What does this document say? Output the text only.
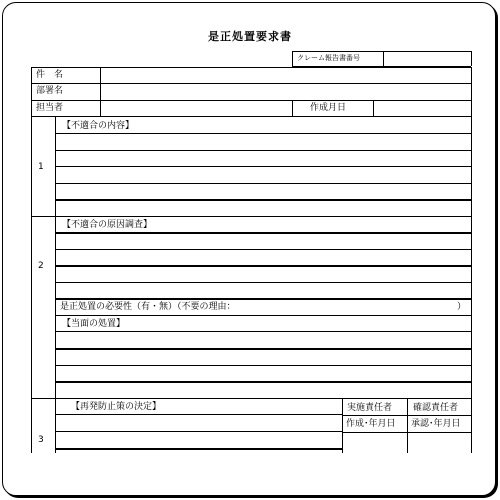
是正処置要求書
クレーム報告書番号
件　名
部署名
担当者	作成月日
【不適合の内容】
1
【不適合の原因調査】
2
是正処置の必要性（有・無）（不要の理由：	）
【当面の処置】
【再発防止策の決定】
3
実施責任者 確認責任者
作成･年月日 承認･年月日
